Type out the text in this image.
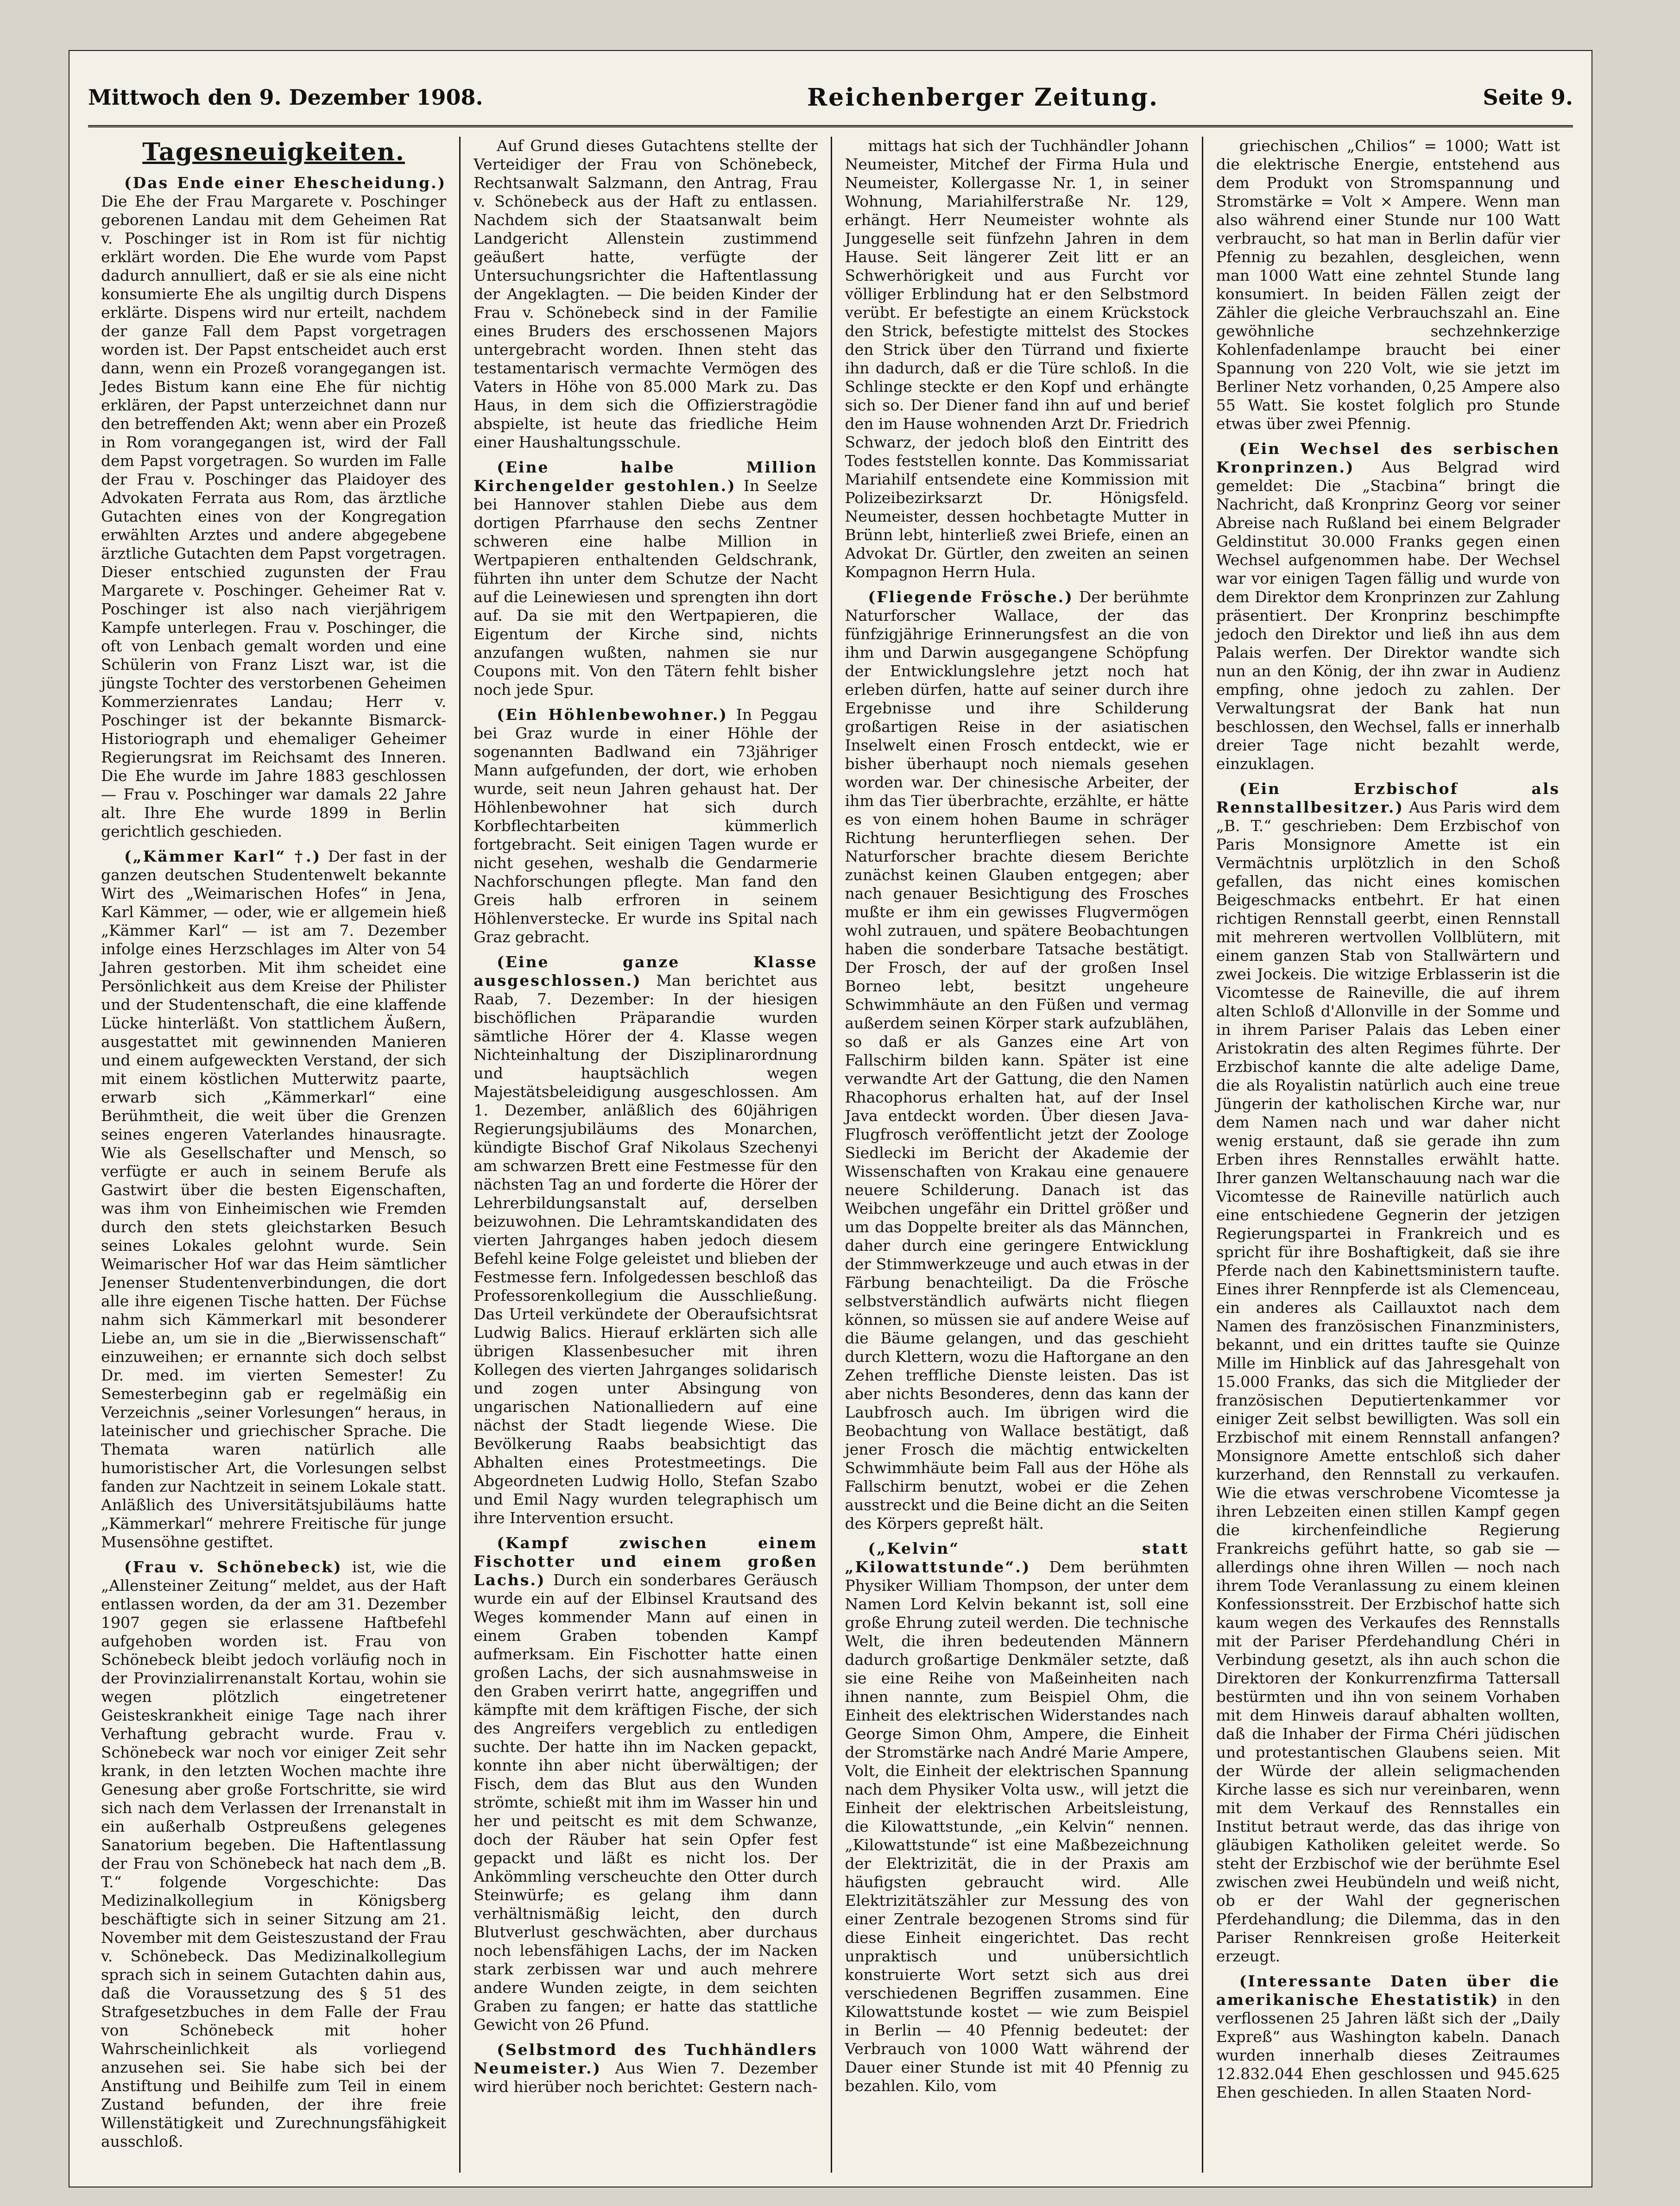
Mittwoch den 9. Dezember 1908.	Reichenberger Zeitung.	Seite 9.
Tagesneuigkeiten.

(Das Ende einer Ehescheidung.) Die Ehe der Frau Margarete v. Poschinger geborenen Landau mit dem Geheimen Rat v. Poschinger ist in Rom ist für nichtig erklärt worden. Die Ehe wurde vom Papst dadurch annulliert, daß er sie als eine nicht konsumierte Ehe als ungiltig durch Dispens erklärte. Dispens wird nur erteilt, nachdem der ganze Fall dem Papst vorgetragen worden ist. Der Papst entscheidet auch erst dann, wenn ein Prozeß vorangegangen ist. Jedes Bistum kann eine Ehe für nichtig erklären, der Papst unterzeichnet dann nur den betreffenden Akt; wenn aber ein Prozeß in Rom vorangegangen ist, wird der Fall dem Papst vorgetragen. So wurden im Falle der Frau v. Poschinger das Plaidoyer des Advokaten Ferrata aus Rom, das ärztliche Gutachten eines von der Kongregation erwählten Arztes und andere abgegebene ärztliche Gutachten dem Papst vorgetragen. Dieser entschied zugunsten der Frau Margarete v. Poschinger. Geheimer Rat v. Poschinger ist also nach vierjährigem Kampfe unterlegen. Frau v. Poschinger, die oft von Lenbach gemalt worden und eine Schülerin von Franz Liszt war, ist die jüngste Tochter des verstorbenen Geheimen Kommerzienrates Landau; Herr v. Poschinger ist der bekannte Bismarck-Historiograph und ehemaliger Geheimer Regierungsrat im Reichsamt des Inneren. Die Ehe wurde im Jahre 1883 geschlossen — Frau v. Poschinger war damals 22 Jahre alt. Ihre Ehe wurde 1899 in Berlin gerichtlich geschieden.

(„Kämmer Karl“ †.) Der fast in der ganzen deutschen Studentenwelt bekannte Wirt des „Weimarischen Hofes“ in Jena, Karl Kämmer, — oder, wie er allgemein hieß „Kämmer Karl“ — ist am 7. Dezember infolge eines Herzschlages im Alter von 54 Jahren gestorben. Mit ihm scheidet eine Persönlichkeit aus dem Kreise der Philister und der Studentenschaft, die eine klaffende Lücke hinterläßt. Von stattlichem Äußern, ausgestattet mit gewinnenden Manieren und einem aufgeweckten Verstand, der sich mit einem köstlichen Mutterwitz paarte, erwarb sich „Kämmerkarl“ eine Berühmtheit, die weit über die Grenzen seines engeren Vaterlandes hinausragte. Wie als Gesellschafter und Mensch, so verfügte er auch in seinem Berufe als Gastwirt über die besten Eigenschaften, was ihm von Einheimischen wie Fremden durch den stets gleichstarken Besuch seines Lokales gelohnt wurde. Sein Weimarischer Hof war das Heim sämtlicher Jenenser Studentenverbindungen, die dort alle ihre eigenen Tische hatten. Der Füchse nahm sich Kämmerkarl mit besonderer Liebe an, um sie in die „Bierwissenschaft“ einzuweihen; er ernannte sich doch selbst Dr. med. im vierten Semester! Zu Semesterbeginn gab er regelmäßig ein Verzeichnis „seiner Vorlesungen“ heraus, in lateinischer und griechischer Sprache. Die Themata waren natürlich alle humoristischer Art, die Vorlesungen selbst fanden zur Nachtzeit in seinem Lokale statt. Anläßlich des Universitätsjubiläums hatte „Kämmerkarl“ mehrere Freitische für junge Musensöhne gestiftet.

(Frau v. Schönebeck) ist, wie die „Allensteiner Zeitung“ meldet, aus der Haft entlassen worden, da der am 31. Dezember 1907 gegen sie erlassene Haftbefehl aufgehoben worden ist. Frau von Schönebeck bleibt jedoch vorläufig noch in der Provinzialirrenanstalt Kortau, wohin sie wegen plötzlich eingetretener Geisteskrankheit einige Tage nach ihrer Verhaftung gebracht wurde. Frau v. Schönebeck war noch vor einiger Zeit sehr krank, in den letzten Wochen machte ihre Genesung aber große Fortschritte, sie wird sich nach dem Verlassen der Irrenanstalt in ein außerhalb Ostpreußens gelegenes Sanatorium begeben. Die Haftentlassung der Frau von Schönebeck hat nach dem „B. T.“ folgende Vorgeschichte: Das Medizinalkollegium in Königsberg beschäftigte sich in seiner Sitzung am 21. November mit dem Geisteszustand der Frau v. Schönebeck. Das Medizinalkollegium sprach sich in seinem Gutachten dahin aus, daß die Voraussetzung des § 51 des Strafgesetzbuches in dem Falle der Frau von Schönebeck mit hoher Wahrscheinlichkeit als vorliegend anzusehen sei. Sie habe sich bei der Anstiftung und Beihilfe zum Teil in einem Zustand befunden, der ihre freie Willenstätigkeit und Zurechnungsfähigkeit ausschloß.

Auf Grund dieses Gutachtens stellte der Verteidiger der Frau von Schönebeck, Rechtsanwalt Salzmann, den Antrag, Frau v. Schönebeck aus der Haft zu entlassen. Nachdem sich der Staatsanwalt beim Landgericht Allenstein zustimmend geäußert hatte, verfügte der Untersuchungsrichter die Haftentlassung der Angeklagten. — Die beiden Kinder der Frau v. Schönebeck sind in der Familie eines Bruders des erschossenen Majors untergebracht worden. Ihnen steht das testamentarisch vermachte Vermögen des Vaters in Höhe von 85.000 Mark zu. Das Haus, in dem sich die Offizierstragödie abspielte, ist heute das friedliche Heim einer Haushaltungsschule.

(Eine halbe Million Kirchengelder gestohlen.) In Seelze bei Hannover stahlen Diebe aus dem dortigen Pfarrhause den sechs Zentner schweren eine halbe Million in Wertpapieren enthaltenden Geldschrank, führten ihn unter dem Schutze der Nacht auf die Leinewiesen und sprengten ihn dort auf. Da sie mit den Wertpapieren, die Eigentum der Kirche sind, nichts anzufangen wußten, nahmen sie nur Coupons mit. Von den Tätern fehlt bisher noch jede Spur.

(Ein Höhlenbewohner.) In Peggau bei Graz wurde in einer Höhle der sogenannten Badlwand ein 73jähriger Mann aufgefunden, der dort, wie erhoben wurde, seit neun Jahren gehaust hat. Der Höhlenbewohner hat sich durch Korbflechtarbeiten kümmerlich fortgebracht. Seit einigen Tagen wurde er nicht gesehen, weshalb die Gendarmerie Nachforschungen pflegte. Man fand den Greis halb erfroren in seinem Höhlenverstecke. Er wurde ins Spital nach Graz gebracht.

(Eine ganze Klasse ausgeschlossen.) Man berichtet aus Raab, 7. Dezember: In der hiesigen bischöflichen Präparandie wurden sämtliche Hörer der 4. Klasse wegen Nichteinhaltung der Disziplinarordnung und hauptsächlich wegen Majestätsbeleidigung ausgeschlossen. Am 1. Dezember, anläßlich des 60jährigen Regierungsjubiläums des Monarchen, kündigte Bischof Graf Nikolaus Szechenyi am schwarzen Brett eine Festmesse für den nächsten Tag an und forderte die Hörer der Lehrerbildungsanstalt auf, derselben beizuwohnen. Die Lehramtskandidaten des vierten Jahrganges haben jedoch diesem Befehl keine Folge geleistet und blieben der Festmesse fern. Infolgedessen beschloß das Professorenkollegium die Ausschließung. Das Urteil verkündete der Oberaufsichtsrat Ludwig Balics. Hierauf erklärten sich alle übrigen Klassenbesucher mit ihren Kollegen des vierten Jahrganges solidarisch und zogen unter Absingung von ungarischen Nationalliedern auf eine nächst der Stadt liegende Wiese. Die Bevölkerung Raabs beabsichtigt das Abhalten eines Protestmeetings. Die Abgeordneten Ludwig Hollo, Stefan Szabo und Emil Nagy wurden telegraphisch um ihre Intervention ersucht.

(Kampf zwischen einem Fischotter und einem großen Lachs.) Durch ein sonderbares Geräusch wurde ein auf der Elbinsel Krautsand des Weges kommender Mann auf einen in einem Graben tobenden Kampf aufmerksam. Ein Fischotter hatte einen großen Lachs, der sich ausnahmsweise in den Graben verirrt hatte, angegriffen und kämpfte mit dem kräftigen Fische, der sich des Angreifers vergeblich zu entledigen suchte. Der hatte ihn im Nacken gepackt, konnte ihn aber nicht überwältigen; der Fisch, dem das Blut aus den Wunden strömte, schießt mit ihm im Wasser hin und her und peitscht es mit dem Schwanze, doch der Räuber hat sein Opfer fest gepackt und läßt es nicht los. Der Ankömmling verscheuchte den Otter durch Steinwürfe; es gelang ihm dann verhältnismäßig leicht, den durch Blutverlust geschwächten, aber durchaus noch lebensfähigen Lachs, der im Nacken stark zerbissen war und auch mehrere andere Wunden zeigte, in dem seichten Graben zu fangen; er hatte das stattliche Gewicht von 26 Pfund.

(Selbstmord des Tuchhändlers Neumeister.) Aus Wien 7. Dezember wird hierüber noch berichtet: Gestern nach-

mittags hat sich der Tuchhändler Johann Neumeister, Mitchef der Firma Hula und Neumeister, Kollergasse Nr. 1, in seiner Wohnung, Mariahilferstraße Nr. 129, erhängt. Herr Neumeister wohnte als Junggeselle seit fünfzehn Jahren in dem Hause. Seit längerer Zeit litt er an Schwerhörigkeit und aus Furcht vor völliger Erblindung hat er den Selbstmord verübt. Er befestigte an einem Krückstock den Strick, befestigte mittelst des Stockes den Strick über den Türrand und fixierte ihn dadurch, daß er die Türe schloß. In die Schlinge steckte er den Kopf und erhängte sich so. Der Diener fand ihn auf und berief den im Hause wohnenden Arzt Dr. Friedrich Schwarz, der jedoch bloß den Eintritt des Todes feststellen konnte. Das Kommissariat Mariahilf entsendete eine Kommission mit Polizeibezirksarzt Dr. Hönigsfeld. Neumeister, dessen hochbetagte Mutter in Brünn lebt, hinterließ zwei Briefe, einen an Advokat Dr. Gürtler, den zweiten an seinen Kompagnon Herrn Hula.

(Fliegende Frösche.) Der berühmte Naturforscher Wallace, der das fünfzigjährige Erinnerungsfest an die von ihm und Darwin ausgegangene Schöpfung der Entwicklungslehre jetzt noch hat erleben dürfen, hatte auf seiner durch ihre Ergebnisse und ihre Schilderung großartigen Reise in der asiatischen Inselwelt einen Frosch entdeckt, wie er bisher überhaupt noch niemals gesehen worden war. Der chinesische Arbeiter, der ihm das Tier überbrachte, erzählte, er hätte es von einem hohen Baume in schräger Richtung herunterfliegen sehen. Der Naturforscher brachte diesem Berichte zunächst keinen Glauben entgegen; aber nach genauer Besichtigung des Frosches mußte er ihm ein gewisses Flugvermögen wohl zutrauen, und spätere Beobachtungen haben die sonderbare Tatsache bestätigt. Der Frosch, der auf der großen Insel Borneo lebt, besitzt ungeheure Schwimmhäute an den Füßen und vermag außerdem seinen Körper stark aufzublähen, so daß er als Ganzes eine Art von Fallschirm bilden kann. Später ist eine verwandte Art der Gattung, die den Namen Rhacophorus erhalten hat, auf der Insel Java entdeckt worden. Über diesen Java-Flugfrosch veröffentlicht jetzt der Zoologe Siedlecki im Bericht der Akademie der Wissenschaften von Krakau eine genauere neuere Schilderung. Danach ist das Weibchen ungefähr ein Drittel größer und um das Doppelte breiter als das Männchen, daher durch eine geringere Entwicklung der Stimmwerkzeuge und auch etwas in der Färbung benachteiligt. Da die Frösche selbstverständlich aufwärts nicht fliegen können, so müssen sie auf andere Weise auf die Bäume gelangen, und das geschieht durch Klettern, wozu die Haftorgane an den Zehen treffliche Dienste leisten. Das ist aber nichts Besonderes, denn das kann der Laubfrosch auch. Im übrigen wird die Beobachtung von Wallace bestätigt, daß jener Frosch die mächtig entwickelten Schwimmhäute beim Fall aus der Höhe als Fallschirm benutzt, wobei er die Zehen ausstreckt und die Beine dicht an die Seiten des Körpers gepreßt hält.

(„Kelvin“ statt „Kilowattstunde“.) Dem berühmten Physiker William Thompson, der unter dem Namen Lord Kelvin bekannt ist, soll eine große Ehrung zuteil werden. Die technische Welt, die ihren bedeutenden Männern dadurch großartige Denkmäler setzte, daß sie eine Reihe von Maßeinheiten nach ihnen nannte, zum Beispiel Ohm, die Einheit des elektrischen Widerstandes nach George Simon Ohm, Ampere, die Einheit der Stromstärke nach André Marie Ampere, Volt, die Einheit der elektrischen Spannung nach dem Physiker Volta usw., will jetzt die Einheit der elektrischen Arbeitsleistung, die Kilowattstunde, „ein Kelvin“ nennen. „Kilowattstunde“ ist eine Maßbezeichnung der Elektrizität, die in der Praxis am häufigsten gebraucht wird. Alle Elektrizitätszähler zur Messung des von einer Zentrale bezogenen Stroms sind für diese Einheit eingerichtet. Das recht unpraktisch und unübersichtlich konstruierte Wort setzt sich aus drei verschiedenen Begriffen zusammen. Eine Kilowattstunde kostet — wie zum Beispiel in Berlin — 40 Pfennig bedeutet: der Verbrauch von 1000 Watt während der Dauer einer Stunde ist mit 40 Pfennig zu bezahlen. Kilo, vom

griechischen „Chilios“ = 1000; Watt ist die elektrische Energie, entstehend aus dem Produkt von Stromspannung und Stromstärke = Volt × Ampere. Wenn man also während einer Stunde nur 100 Watt verbraucht, so hat man in Berlin dafür vier Pfennig zu bezahlen, desgleichen, wenn man 1000 Watt eine zehntel Stunde lang konsumiert. In beiden Fällen zeigt der Zähler die gleiche Verbrauchszahl an. Eine gewöhnliche sechzehnkerzige Kohlenfadenlampe braucht bei einer Spannung von 220 Volt, wie sie jetzt im Berliner Netz vorhanden, 0,25 Ampere also 55 Watt. Sie kostet folglich pro Stunde etwas über zwei Pfennig.

(Ein Wechsel des serbischen Kronprinzen.) Aus Belgrad wird gemeldet: Die „Stacbina“ bringt die Nachricht, daß Kronprinz Georg vor seiner Abreise nach Rußland bei einem Belgrader Geldinstitut 30.000 Franks gegen einen Wechsel aufgenommen habe. Der Wechsel war vor einigen Tagen fällig und wurde von dem Direktor dem Kronprinzen zur Zahlung präsentiert. Der Kronprinz beschimpfte jedoch den Direktor und ließ ihn aus dem Palais werfen. Der Direktor wandte sich nun an den König, der ihn zwar in Audienz empfing, ohne jedoch zu zahlen. Der Verwaltungsrat der Bank hat nun beschlossen, den Wechsel, falls er innerhalb dreier Tage nicht bezahlt werde, einzuklagen.

(Ein Erzbischof als Rennstallbesitzer.) Aus Paris wird dem „B. T.“ geschrieben: Dem Erzbischof von Paris Monsignore Amette ist ein Vermächtnis urplötzlich in den Schoß gefallen, das nicht eines komischen Beigeschmacks entbehrt. Er hat einen richtigen Rennstall geerbt, einen Rennstall mit mehreren wertvollen Vollblütern, mit einem ganzen Stab von Stallwärtern und zwei Jockeis. Die witzige Erblasserin ist die Vicomtesse de Raineville, die auf ihrem alten Schloß d'Allonville in der Somme und in ihrem Pariser Palais das Leben einer Aristokratin des alten Regimes führte. Der Erzbischof kannte die alte adelige Dame, die als Royalistin natürlich auch eine treue Jüngerin der katholischen Kirche war, nur dem Namen nach und war daher nicht wenig erstaunt, daß sie gerade ihn zum Erben ihres Rennstalles erwählt hatte. Ihrer ganzen Weltanschauung nach war die Vicomtesse de Raineville natürlich auch eine entschiedene Gegnerin der jetzigen Regierungspartei in Frankreich und es spricht für ihre Boshaftigkeit, daß sie ihre Pferde nach den Kabinettsministern taufte. Eines ihrer Rennpferde ist als Clemenceau, ein anderes als Caillauxtot nach dem Namen des französischen Finanzministers, bekannt, und ein drittes taufte sie Quinze Mille im Hinblick auf das Jahresgehalt von 15.000 Franks, das sich die Mitglieder der französischen Deputiertenkammer vor einiger Zeit selbst bewilligten. Was soll ein Erzbischof mit einem Rennstall anfangen? Monsignore Amette entschloß sich daher kurzerhand, den Rennstall zu verkaufen. Wie die etwas verschrobene Vicomtesse ja ihren Lebzeiten einen stillen Kampf gegen die kirchenfeindliche Regierung Frankreichs geführt hatte, so gab sie — allerdings ohne ihren Willen — noch nach ihrem Tode Veranlassung zu einem kleinen Konfessionsstreit. Der Erzbischof hatte sich kaum wegen des Verkaufes des Rennstalls mit der Pariser Pferdehandlung Chéri in Verbindung gesetzt, als ihn auch schon die Direktoren der Konkurrenzfirma Tattersall bestürmten und ihn von seinem Vorhaben mit dem Hinweis darauf abhalten wollten, daß die Inhaber der Firma Chéri jüdischen und protestantischen Glaubens seien. Mit der Würde der allein seligmachenden Kirche lasse es sich nur vereinbaren, wenn mit dem Verkauf des Rennstalles ein Institut betraut werde, das das ihrige von gläubigen Katholiken geleitet werde. So steht der Erzbischof wie der berühmte Esel zwischen zwei Heubündeln und weiß nicht, ob er der Wahl der gegnerischen Pferdehandlung; die Dilemma, das in den Pariser Rennkreisen große Heiterkeit erzeugt.

(Interessante Daten über die amerikanische Ehestatistik) in den verflossenen 25 Jahren läßt sich der „Daily Expreß“ aus Washington kabeln. Danach wurden innerhalb dieses Zeitraumes 12.832.044 Ehen geschlossen und 945.625 Ehen geschieden. In allen Staaten Nord-
